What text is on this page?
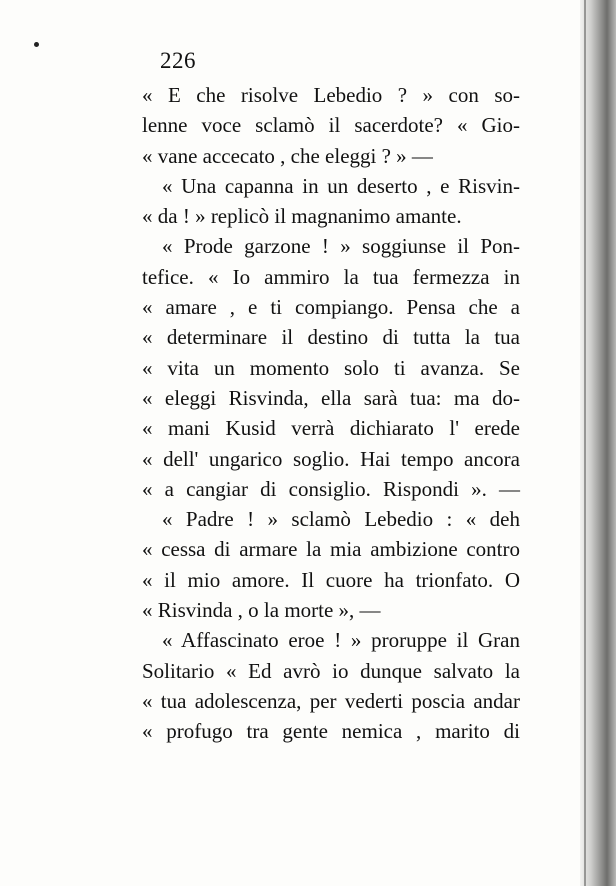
226
« E che risolve Lebedio ? » con so-
lenne voce sclamò il sacerdote? « Gio-
« vane accecato , che eleggi ? » —
« Una capanna in un deserto , e Risvin-
« da ! » replicò il magnanimo amante.
« Prode garzone ! » soggiunse il Pon-
tefice. « Io ammiro la tua fermezza in
« amare , e ti compiango. Pensa che a
« determinare il destino di tutta la tua
« vita un momento solo ti avanza. Se
« eleggi Risvinda, ella sarà tua: ma do-
« mani Kusid verrà dichiarato l' erede
« dell' ungarico soglio. Hai tempo ancora
« a cangiar di consiglio. Rispondi ». —
« Padre ! » sclamò Lebedio : « deh
« cessa di armare la mia ambizione contro
« il mio amore. Il cuore ha trionfato. O
« Risvinda , o la morte », —
« Affascinato eroe ! » proruppe il Gran
Solitario « Ed avrò io dunque salvato la
« tua adolescenza, per vederti poscia andar
« profugo tra gente nemica , marito di
